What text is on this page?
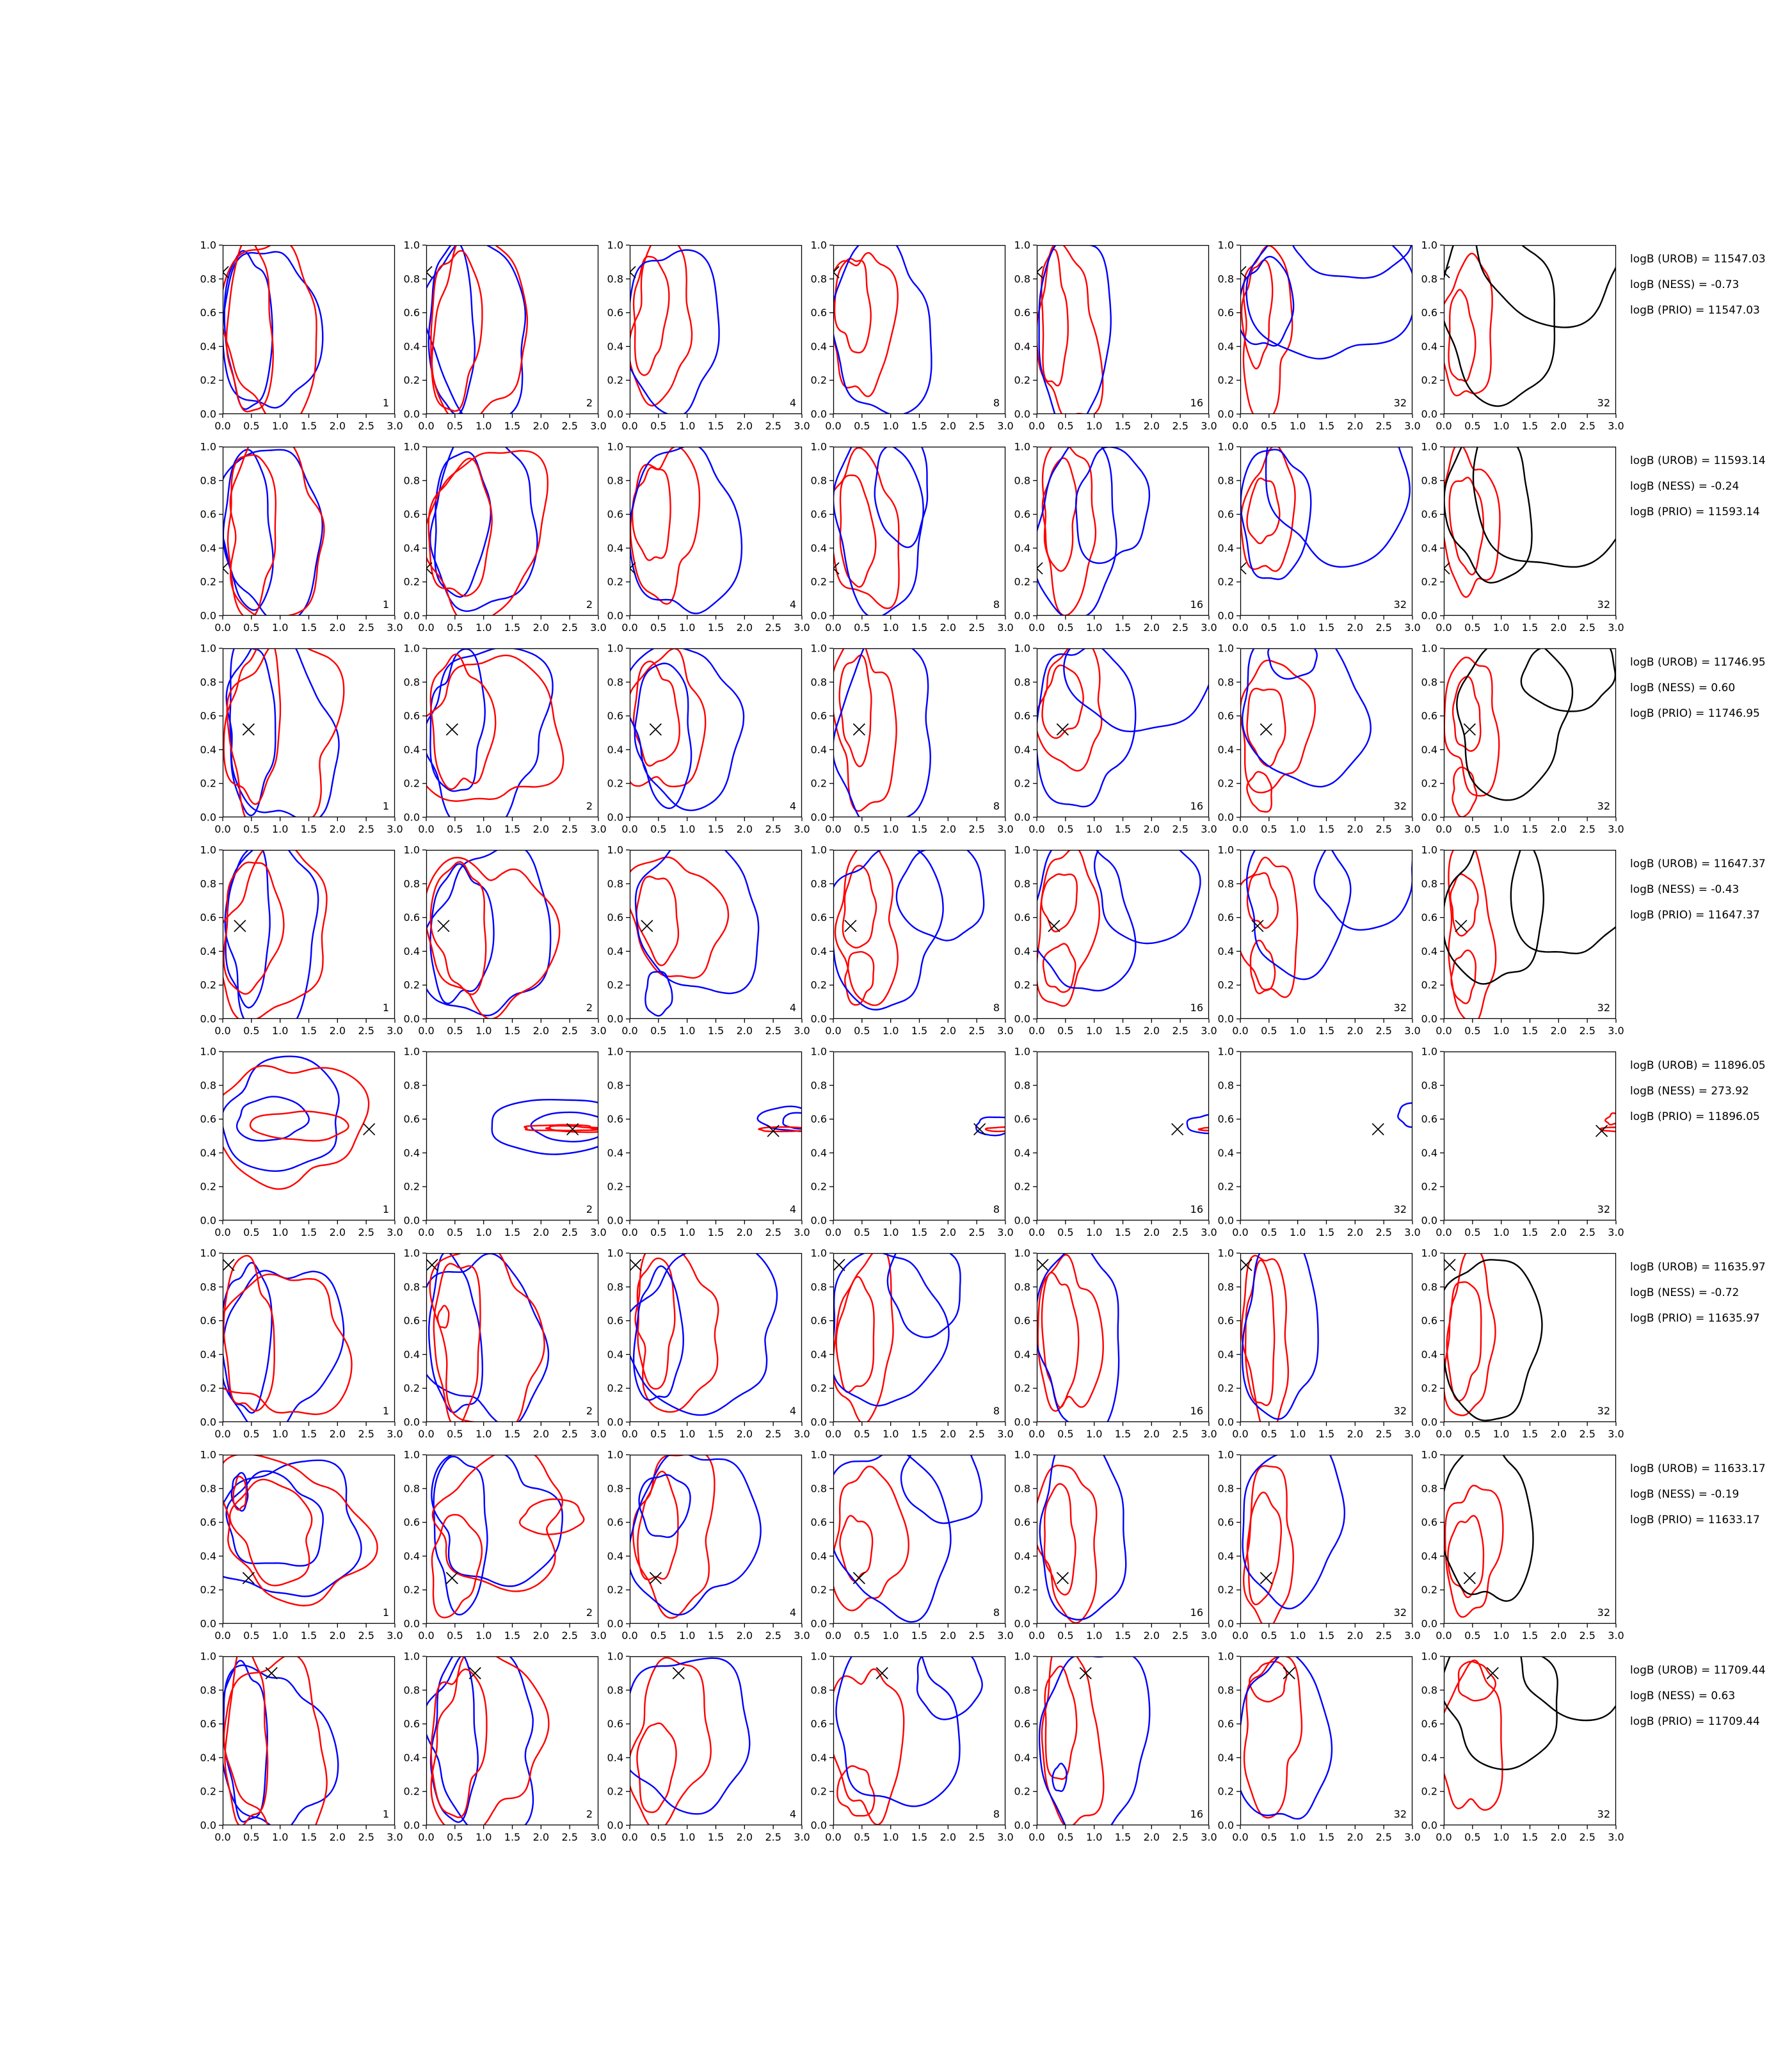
0.0 0.5 1.0 1.5 2.0 2.5 3.0
0.0
0.2
0.4
0.6
0.8
1.0
1
0.0 0.5 1.0 1.5 2.0 2.5 3.0
0.0
0.2
0.4
0.6
0.8
1.0
2
0.0 0.5 1.0 1.5 2.0 2.5 3.0
0.0
0.2
0.4
0.6
0.8
1.0
4
0.0 0.5 1.0 1.5 2.0 2.5 3.0
0.0
0.2
0.4
0.6
0.8
1.0
8
0.0 0.5 1.0 1.5 2.0 2.5 3.0
0.0
0.2
0.4
0.6
0.8
1.0
16
0.0 0.5 1.0 1.5 2.0 2.5 3.0
0.0
0.2
0.4
0.6
0.8
1.0
32
0.0 0.5 1.0 1.5 2.0 2.5 3.0
0.0
0.2
0.4
0.6
0.8
1.0
32
logB (UROB) = 11547.03
logB (NESS) = -0.73
logB (PRIO) = 11547.03
0.0 0.5 1.0 1.5 2.0 2.5 3.0
0.0
0.2
0.4
0.6
0.8
1.0
1
0.0 0.5 1.0 1.5 2.0 2.5 3.0
0.0
0.2
0.4
0.6
0.8
1.0
2
0.0 0.5 1.0 1.5 2.0 2.5 3.0
0.0
0.2
0.4
0.6
0.8
1.0
4
0.0 0.5 1.0 1.5 2.0 2.5 3.0
0.0
0.2
0.4
0.6
0.8
1.0
8
0.0 0.5 1.0 1.5 2.0 2.5 3.0
0.0
0.2
0.4
0.6
0.8
1.0
16
0.0 0.5 1.0 1.5 2.0 2.5 3.0
0.0
0.2
0.4
0.6
0.8
1.0
32
0.0 0.5 1.0 1.5 2.0 2.5 3.0
0.0
0.2
0.4
0.6
0.8
1.0
32
logB (UROB) = 11593.14
logB (NESS) = -0.24
logB (PRIO) = 11593.14
0.0 0.5 1.0 1.5 2.0 2.5 3.0
0.0
0.2
0.4
0.6
0.8
1.0
1
0.0 0.5 1.0 1.5 2.0 2.5 3.0
0.0
0.2
0.4
0.6
0.8
1.0
2
0.0 0.5 1.0 1.5 2.0 2.5 3.0
0.0
0.2
0.4
0.6
0.8
1.0
4
0.0 0.5 1.0 1.5 2.0 2.5 3.0
0.0
0.2
0.4
0.6
0.8
1.0
8
0.0 0.5 1.0 1.5 2.0 2.5 3.0
0.0
0.2
0.4
0.6
0.8
1.0
16
0.0 0.5 1.0 1.5 2.0 2.5 3.0
0.0
0.2
0.4
0.6
0.8
1.0
32
0.0 0.5 1.0 1.5 2.0 2.5 3.0
0.0
0.2
0.4
0.6
0.8
1.0
32
logB (UROB) = 11746.95
logB (NESS) = 0.60
logB (PRIO) = 11746.95
0.0 0.5 1.0 1.5 2.0 2.5 3.0
0.0
0.2
0.4
0.6
0.8
1.0
1
0.0 0.5 1.0 1.5 2.0 2.5 3.0
0.0
0.2
0.4
0.6
0.8
1.0
2
0.0 0.5 1.0 1.5 2.0 2.5 3.0
0.0
0.2
0.4
0.6
0.8
1.0
4
0.0 0.5 1.0 1.5 2.0 2.5 3.0
0.0
0.2
0.4
0.6
0.8
1.0
8
0.0 0.5 1.0 1.5 2.0 2.5 3.0
0.0
0.2
0.4
0.6
0.8
1.0
16
0.0 0.5 1.0 1.5 2.0 2.5 3.0
0.0
0.2
0.4
0.6
0.8
1.0
32
0.0 0.5 1.0 1.5 2.0 2.5 3.0
0.0
0.2
0.4
0.6
0.8
1.0
32
logB (UROB) = 11647.37
logB (NESS) = -0.43
logB (PRIO) = 11647.37
0.0 0.5 1.0 1.5 2.0 2.5 3.0
0.0
0.2
0.4
0.6
0.8
1.0
1
0.0 0.5 1.0 1.5 2.0 2.5 3.0
0.0
0.2
0.4
0.6
0.8
1.0
2
0.0 0.5 1.0 1.5 2.0 2.5 3.0
0.0
0.2
0.4
0.6
0.8
1.0
4
0.0 0.5 1.0 1.5 2.0 2.5 3.0
0.0
0.2
0.4
0.6
0.8
1.0
8
0.0 0.5 1.0 1.5 2.0 2.5 3.0
0.0
0.2
0.4
0.6
0.8
1.0
16
0.0 0.5 1.0 1.5 2.0 2.5 3.0
0.0
0.2
0.4
0.6
0.8
1.0
32
0.0 0.5 1.0 1.5 2.0 2.5 3.0
0.0
0.2
0.4
0.6
0.8
1.0
32
logB (UROB) = 11896.05
logB (NESS) = 273.92
logB (PRIO) = 11896.05
0.0 0.5 1.0 1.5 2.0 2.5 3.0
0.0
0.2
0.4
0.6
0.8
1.0
1
0.0 0.5 1.0 1.5 2.0 2.5 3.0
0.0
0.2
0.4
0.6
0.8
1.0
2
0.0 0.5 1.0 1.5 2.0 2.5 3.0
0.0
0.2
0.4
0.6
0.8
1.0
4
0.0 0.5 1.0 1.5 2.0 2.5 3.0
0.0
0.2
0.4
0.6
0.8
1.0
8
0.0 0.5 1.0 1.5 2.0 2.5 3.0
0.0
0.2
0.4
0.6
0.8
1.0
16
0.0 0.5 1.0 1.5 2.0 2.5 3.0
0.0
0.2
0.4
0.6
0.8
1.0
32
0.0 0.5 1.0 1.5 2.0 2.5 3.0
0.0
0.2
0.4
0.6
0.8
1.0
32
logB (UROB) = 11635.97
logB (NESS) = -0.72
logB (PRIO) = 11635.97
0.0 0.5 1.0 1.5 2.0 2.5 3.0
0.0
0.2
0.4
0.6
0.8
1.0
1
0.0 0.5 1.0 1.5 2.0 2.5 3.0
0.0
0.2
0.4
0.6
0.8
1.0
2
0.0 0.5 1.0 1.5 2.0 2.5 3.0
0.0
0.2
0.4
0.6
0.8
1.0
4
0.0 0.5 1.0 1.5 2.0 2.5 3.0
0.0
0.2
0.4
0.6
0.8
1.0
8
0.0 0.5 1.0 1.5 2.0 2.5 3.0
0.0
0.2
0.4
0.6
0.8
1.0
16
0.0 0.5 1.0 1.5 2.0 2.5 3.0
0.0
0.2
0.4
0.6
0.8
1.0
32
0.0 0.5 1.0 1.5 2.0 2.5 3.0
0.0
0.2
0.4
0.6
0.8
1.0
32
logB (UROB) = 11633.17
logB (NESS) = -0.19
logB (PRIO) = 11633.17
0.0 0.5 1.0 1.5 2.0 2.5 3.0
0.0
0.2
0.4
0.6
0.8
1.0
1
0.0 0.5 1.0 1.5 2.0 2.5 3.0
0.0
0.2
0.4
0.6
0.8
1.0
2
0.0 0.5 1.0 1.5 2.0 2.5 3.0
0.0
0.2
0.4
0.6
0.8
1.0
4
0.0 0.5 1.0 1.5 2.0 2.5 3.0
0.0
0.2
0.4
0.6
0.8
1.0
8
0.0 0.5 1.0 1.5 2.0 2.5 3.0
0.0
0.2
0.4
0.6
0.8
1.0
16
0.0 0.5 1.0 1.5 2.0 2.5 3.0
0.0
0.2
0.4
0.6
0.8
1.0
32
0.0 0.5 1.0 1.5 2.0 2.5 3.0
0.0
0.2
0.4
0.6
0.8
1.0
32
logB (UROB) = 11709.44
logB (NESS) = 0.63
logB (PRIO) = 11709.44
